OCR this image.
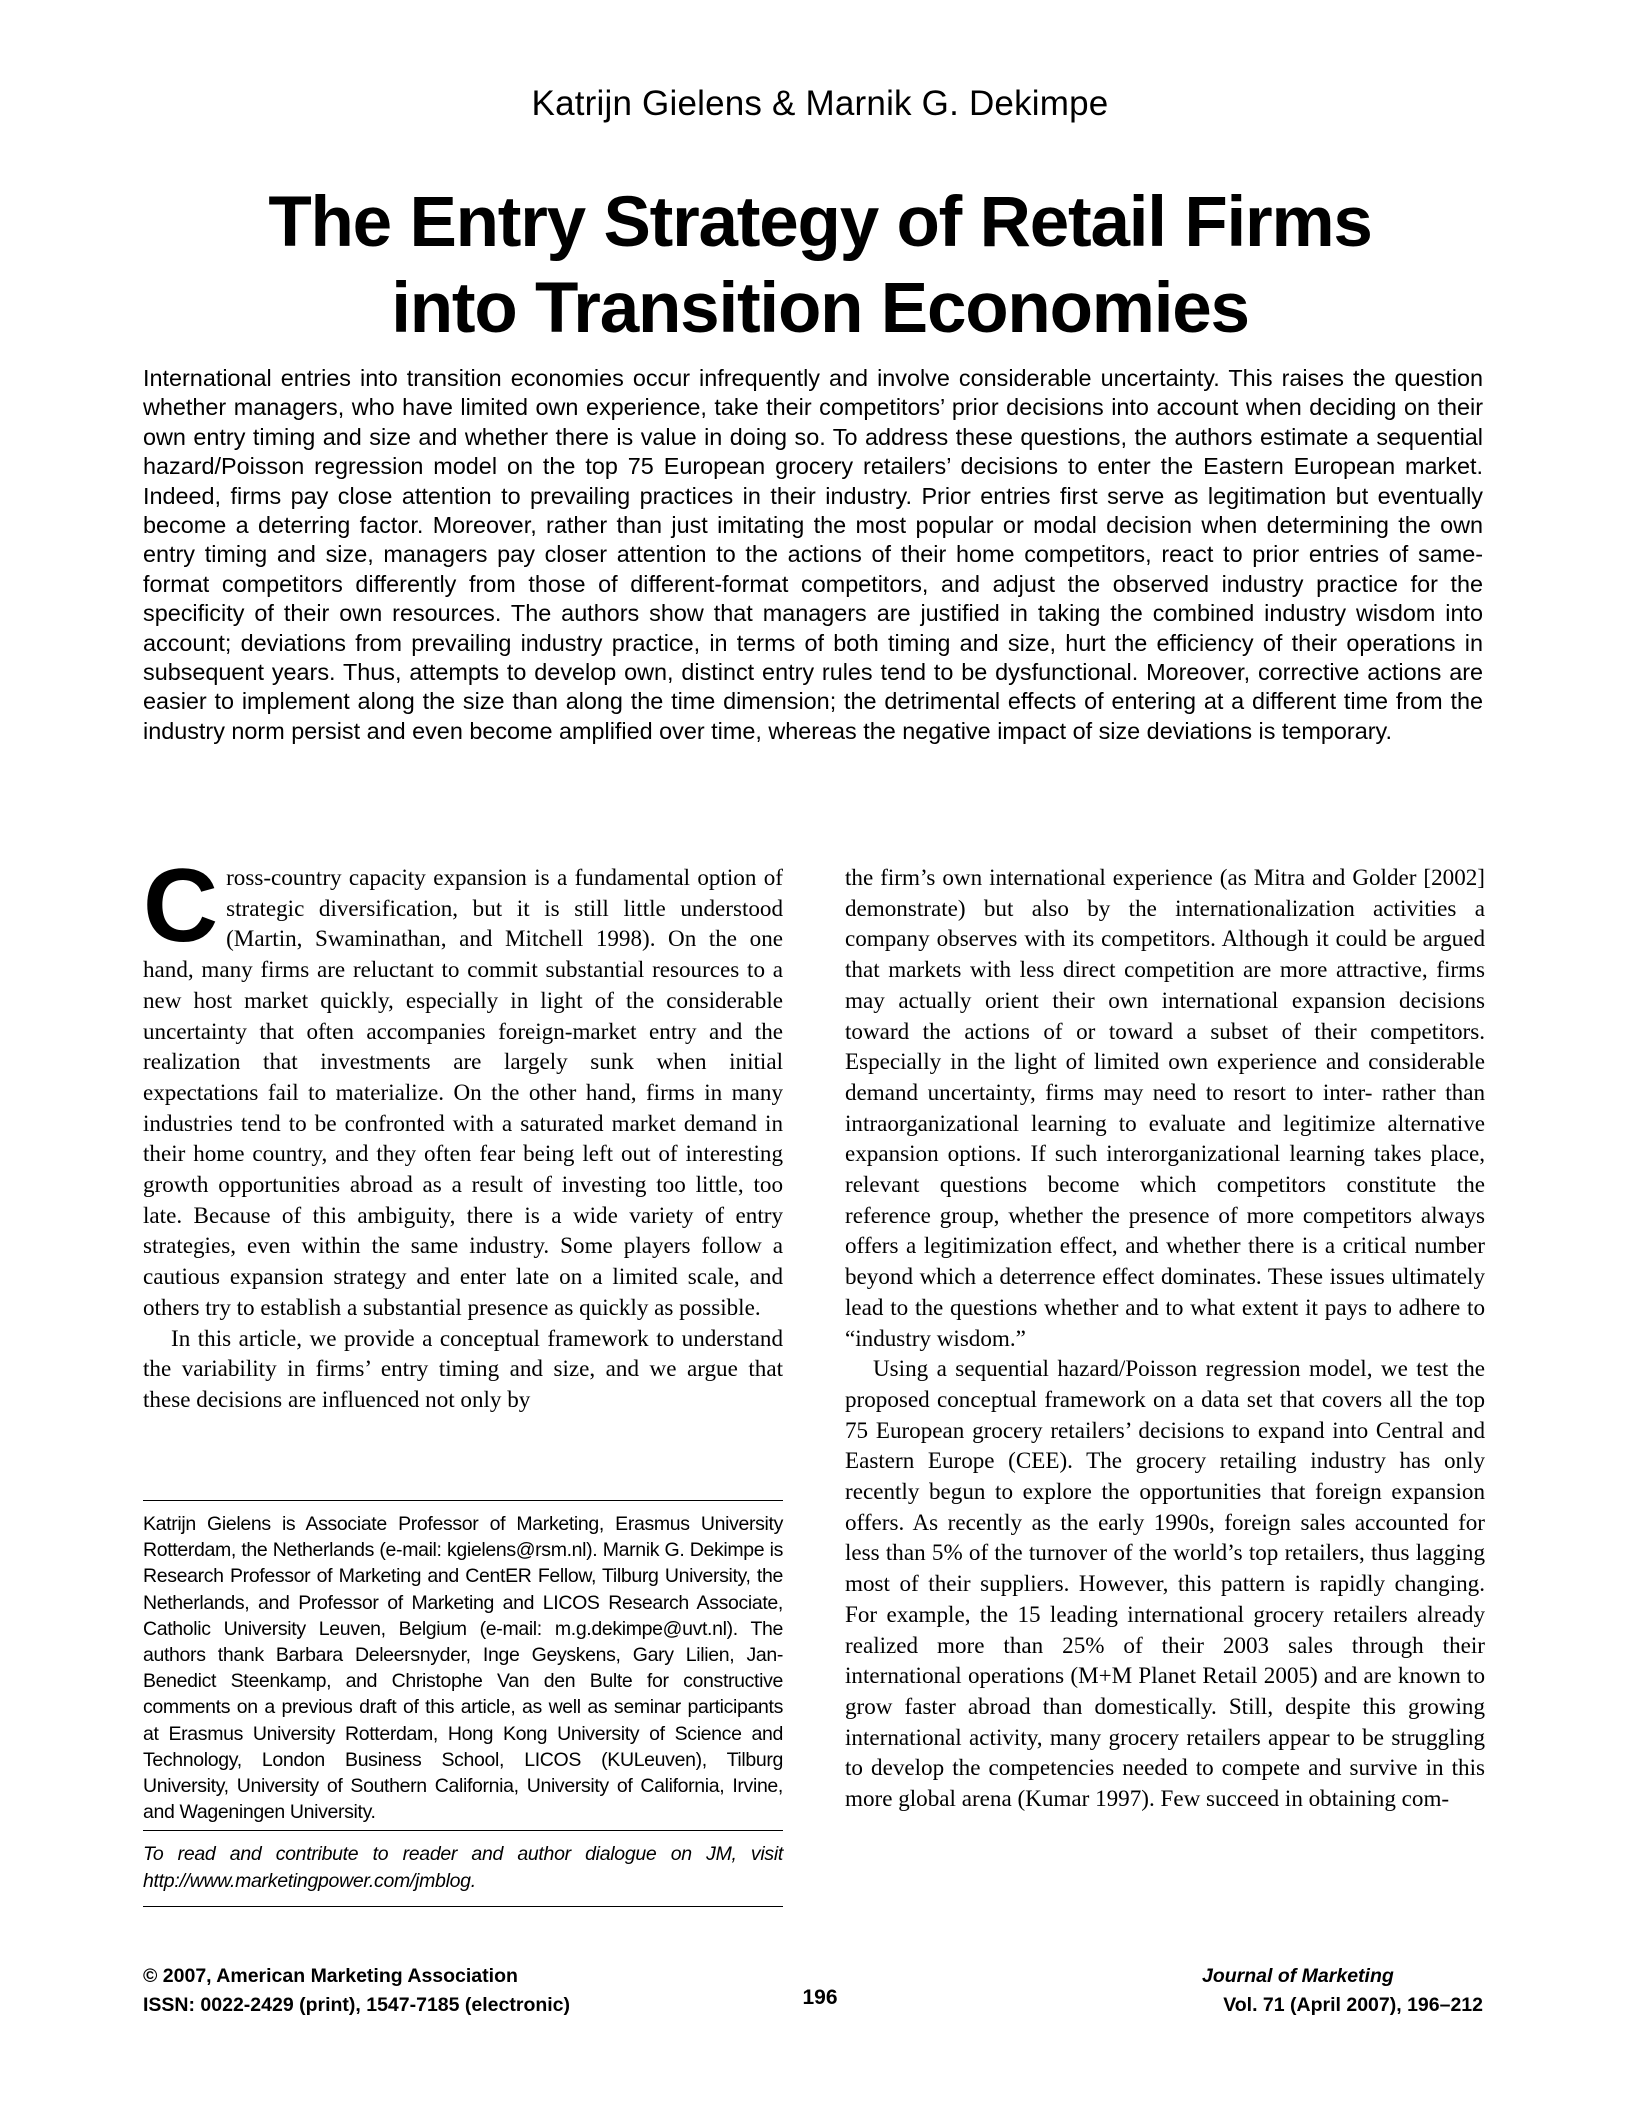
Katrijn Gielens & Marnik G. Dekimpe
The Entry Strategy of Retail Firms
into Transition Economies

International entries into transition economies occur infrequently and involve considerable uncertainty. This raises the question whether managers, who have limited own experience, take their competitors’ prior decisions into account when deciding on their own entry timing and size and whether there is value in doing so. To address these questions, the authors estimate a sequential hazard/Poisson regression model on the top 75 European grocery retailers’ decisions to enter the Eastern European market. Indeed, firms pay close attention to prevailing practices in their industry. Prior entries first serve as legitimation but eventually become a deterring factor. Moreover, rather than just imitating the most popular or modal decision when determining the own entry timing and size, managers pay closer attention to the actions of their home competitors, react to prior entries of same-format competitors differently from those of different-format competitors, and adjust the observed industry practice for the specificity of their own resources. The authors show that managers are justified in taking the combined industry wisdom into account; deviations from prevailing industry practice, in terms of both timing and size, hurt the efficiency of their operations in subsequent years. Thus, attempts to develop own, distinct entry rules tend to be dysfunctional. Moreover, corrective actions are easier to implement along the size than along the time dimension; the detrimental effects of entering at a different time from the industry norm persist and even become amplified over time, whereas the negative impact of size deviations is temporary.

Cross-country capacity expansion is a fundamental option of strategic diversification, but it is still little understood (Martin, Swaminathan, and Mitchell 1998). On the one hand, many firms are reluctant to commit substantial resources to a new host market quickly, especially in light of the considerable uncertainty that often accompanies foreign-market entry and the realization that investments are largely sunk when initial expectations fail to materialize. On the other hand, firms in many industries tend to be confronted with a saturated market demand in their home country, and they often fear being left out of interesting growth opportunities abroad as a result of investing too little, too late. Because of this ambiguity, there is a wide variety of entry strategies, even within the same industry. Some players follow a cautious expansion strategy and enter late on a limited scale, and others try to establish a substantial presence as quickly as possible.

In this article, we provide a conceptual framework to understand the variability in firms’ entry timing and size, and we argue that these decisions are influenced not only by

Katrijn Gielens is Associate Professor of Marketing, Erasmus University Rotterdam, the Netherlands (e-mail: kgielens@rsm.nl). Marnik G. Dekimpe is Research Professor of Marketing and CentER Fellow, Tilburg University, the Netherlands, and Professor of Marketing and LICOS Research Associate, Catholic University Leuven, Belgium (e-mail: m.g.dekimpe@uvt.nl). The authors thank Barbara Deleersnyder, Inge Geyskens, Gary Lilien, Jan-Benedict Steenkamp, and Christophe Van den Bulte for constructive comments on a previous draft of this article, as well as seminar participants at Erasmus University Rotterdam, Hong Kong University of Science and Technology, London Business School, LICOS (KULeuven), Tilburg University, University of Southern California, University of California, Irvine, and Wageningen University.

To read and contribute to reader and author dialogue on JM, visit http://www.marketingpower.com/jmblog.

the firm’s own international experience (as Mitra and Golder [2002] demonstrate) but also by the internationalization activities a company observes with its competitors. Although it could be argued that markets with less direct competition are more attractive, firms may actually orient their own international expansion decisions toward the actions of or toward a subset of their competitors. Especially in the light of limited own experience and considerable demand uncertainty, firms may need to resort to inter- rather than intraorganizational learning to evaluate and legitimize alternative expansion options. If such interorganizational learning takes place, relevant questions become which competitors constitute the reference group, whether the presence of more competitors always offers a legitimization effect, and whether there is a critical number beyond which a deterrence effect dominates. These issues ultimately lead to the questions whether and to what extent it pays to adhere to “industry wisdom.”

Using a sequential hazard/Poisson regression model, we test the proposed conceptual framework on a data set that covers all the top 75 European grocery retailers’ decisions to expand into Central and Eastern Europe (CEE). The grocery retailing industry has only recently begun to explore the opportunities that foreign expansion offers. As recently as the early 1990s, foreign sales accounted for less than 5% of the turnover of the world’s top retailers, thus lagging most of their suppliers. However, this pattern is rapidly changing. For example, the 15 leading international grocery retailers already realized more than 25% of their 2003 sales through their international operations (M+M Planet Retail 2005) and are known to grow faster abroad than domestically. Still, despite this growing international activity, many grocery retailers appear to be struggling to develop the competencies needed to compete and survive in this more global arena (Kumar 1997). Few succeed in obtaining com-

© 2007, American Marketing Association
ISSN: 0022-2429 (print), 1547-7185 (electronic)	196
Journal of Marketing
Vol. 71 (April 2007), 196–212
